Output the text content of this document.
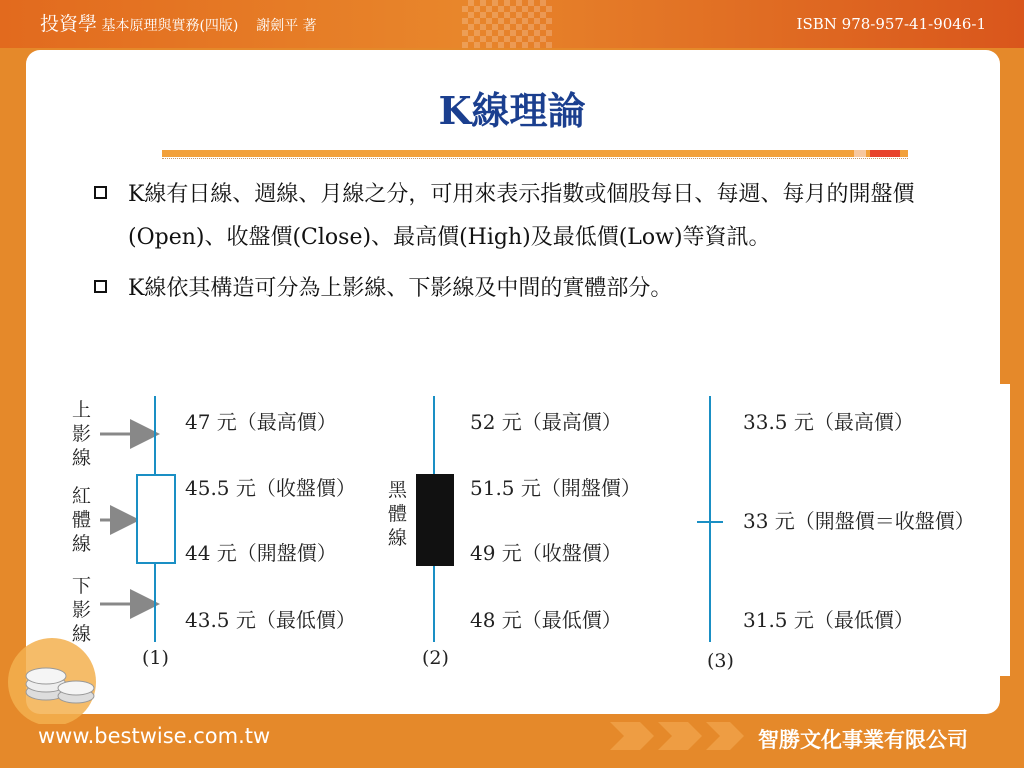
投資學 基本原理與實務(四版) 謝劍平 著	ISBN 978-957-41-9046-1
K線理論
K線有日線、週線、月線之分，可用來表示指數或個股每日、每週、每月的開盤價(Open)、收盤價(Close)、最高價(High)及最低價(Low)等資訊。
K線依其構造可分為上影線、下影線及中間的實體部分。
上 影 線
紅 體 線
下 影 線
47 元（最高價）
45.5 元（收盤價）
44 元（開盤價）
43.5 元（最低價）
(1)
黑 體 線
52 元（最高價）
51.5 元（開盤價）
49 元（收盤價）
48 元（最低價）
(2)
33.5 元（最高價）
33 元（開盤價＝收盤價）
31.5 元（最低價）
(3)
www.bestwise.com.tw	智勝文化事業有限公司
